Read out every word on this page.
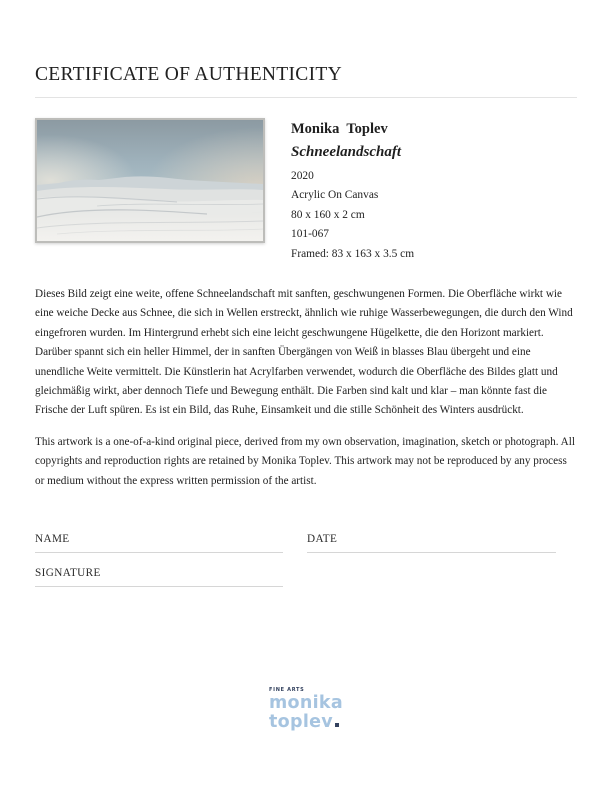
CERTIFICATE OF AUTHENTICITY
Monika  Toplev
Schneelandschaft
2020
Acrylic On Canvas
80 x 160 x 2 cm
101-067
Framed: 83 x 163 x 3.5 cm

Dieses Bild zeigt eine weite, offene Schneelandschaft mit sanften, geschwungenen Formen. Die Oberfläche wirkt wie eine weiche Decke aus Schnee, die sich in Wellen erstreckt, ähnlich wie ruhige Wasserbewegungen, die durch den Wind eingefroren wurden. Im Hintergrund erhebt sich eine leicht geschwungene Hügelkette, die den Horizont markiert. Darüber spannt sich ein heller Himmel, der in sanften Übergängen von Weiß in blasses Blau übergeht und eine unendliche Weite vermittelt. Die Künstlerin hat Acrylfarben verwendet, wodurch die Oberfläche des Bildes glatt und gleichmäßig wirkt, aber dennoch Tiefe und Bewegung enthält. Die Farben sind kalt und klar – man könnte fast die Frische der Luft spüren. Es ist ein Bild, das Ruhe, Einsamkeit und die stille Schönheit des Winters ausdrückt.

This artwork is a one-of-a-kind original piece, derived from my own observation, imagination, sketch or photograph. All copyrights and reproduction rights are retained by Monika Toplev. This artwork may not be reproduced by any process or medium without the express written permission of the artist.

NAME	DATE
SIGNATURE
FINE ARTS
monika
toplev
